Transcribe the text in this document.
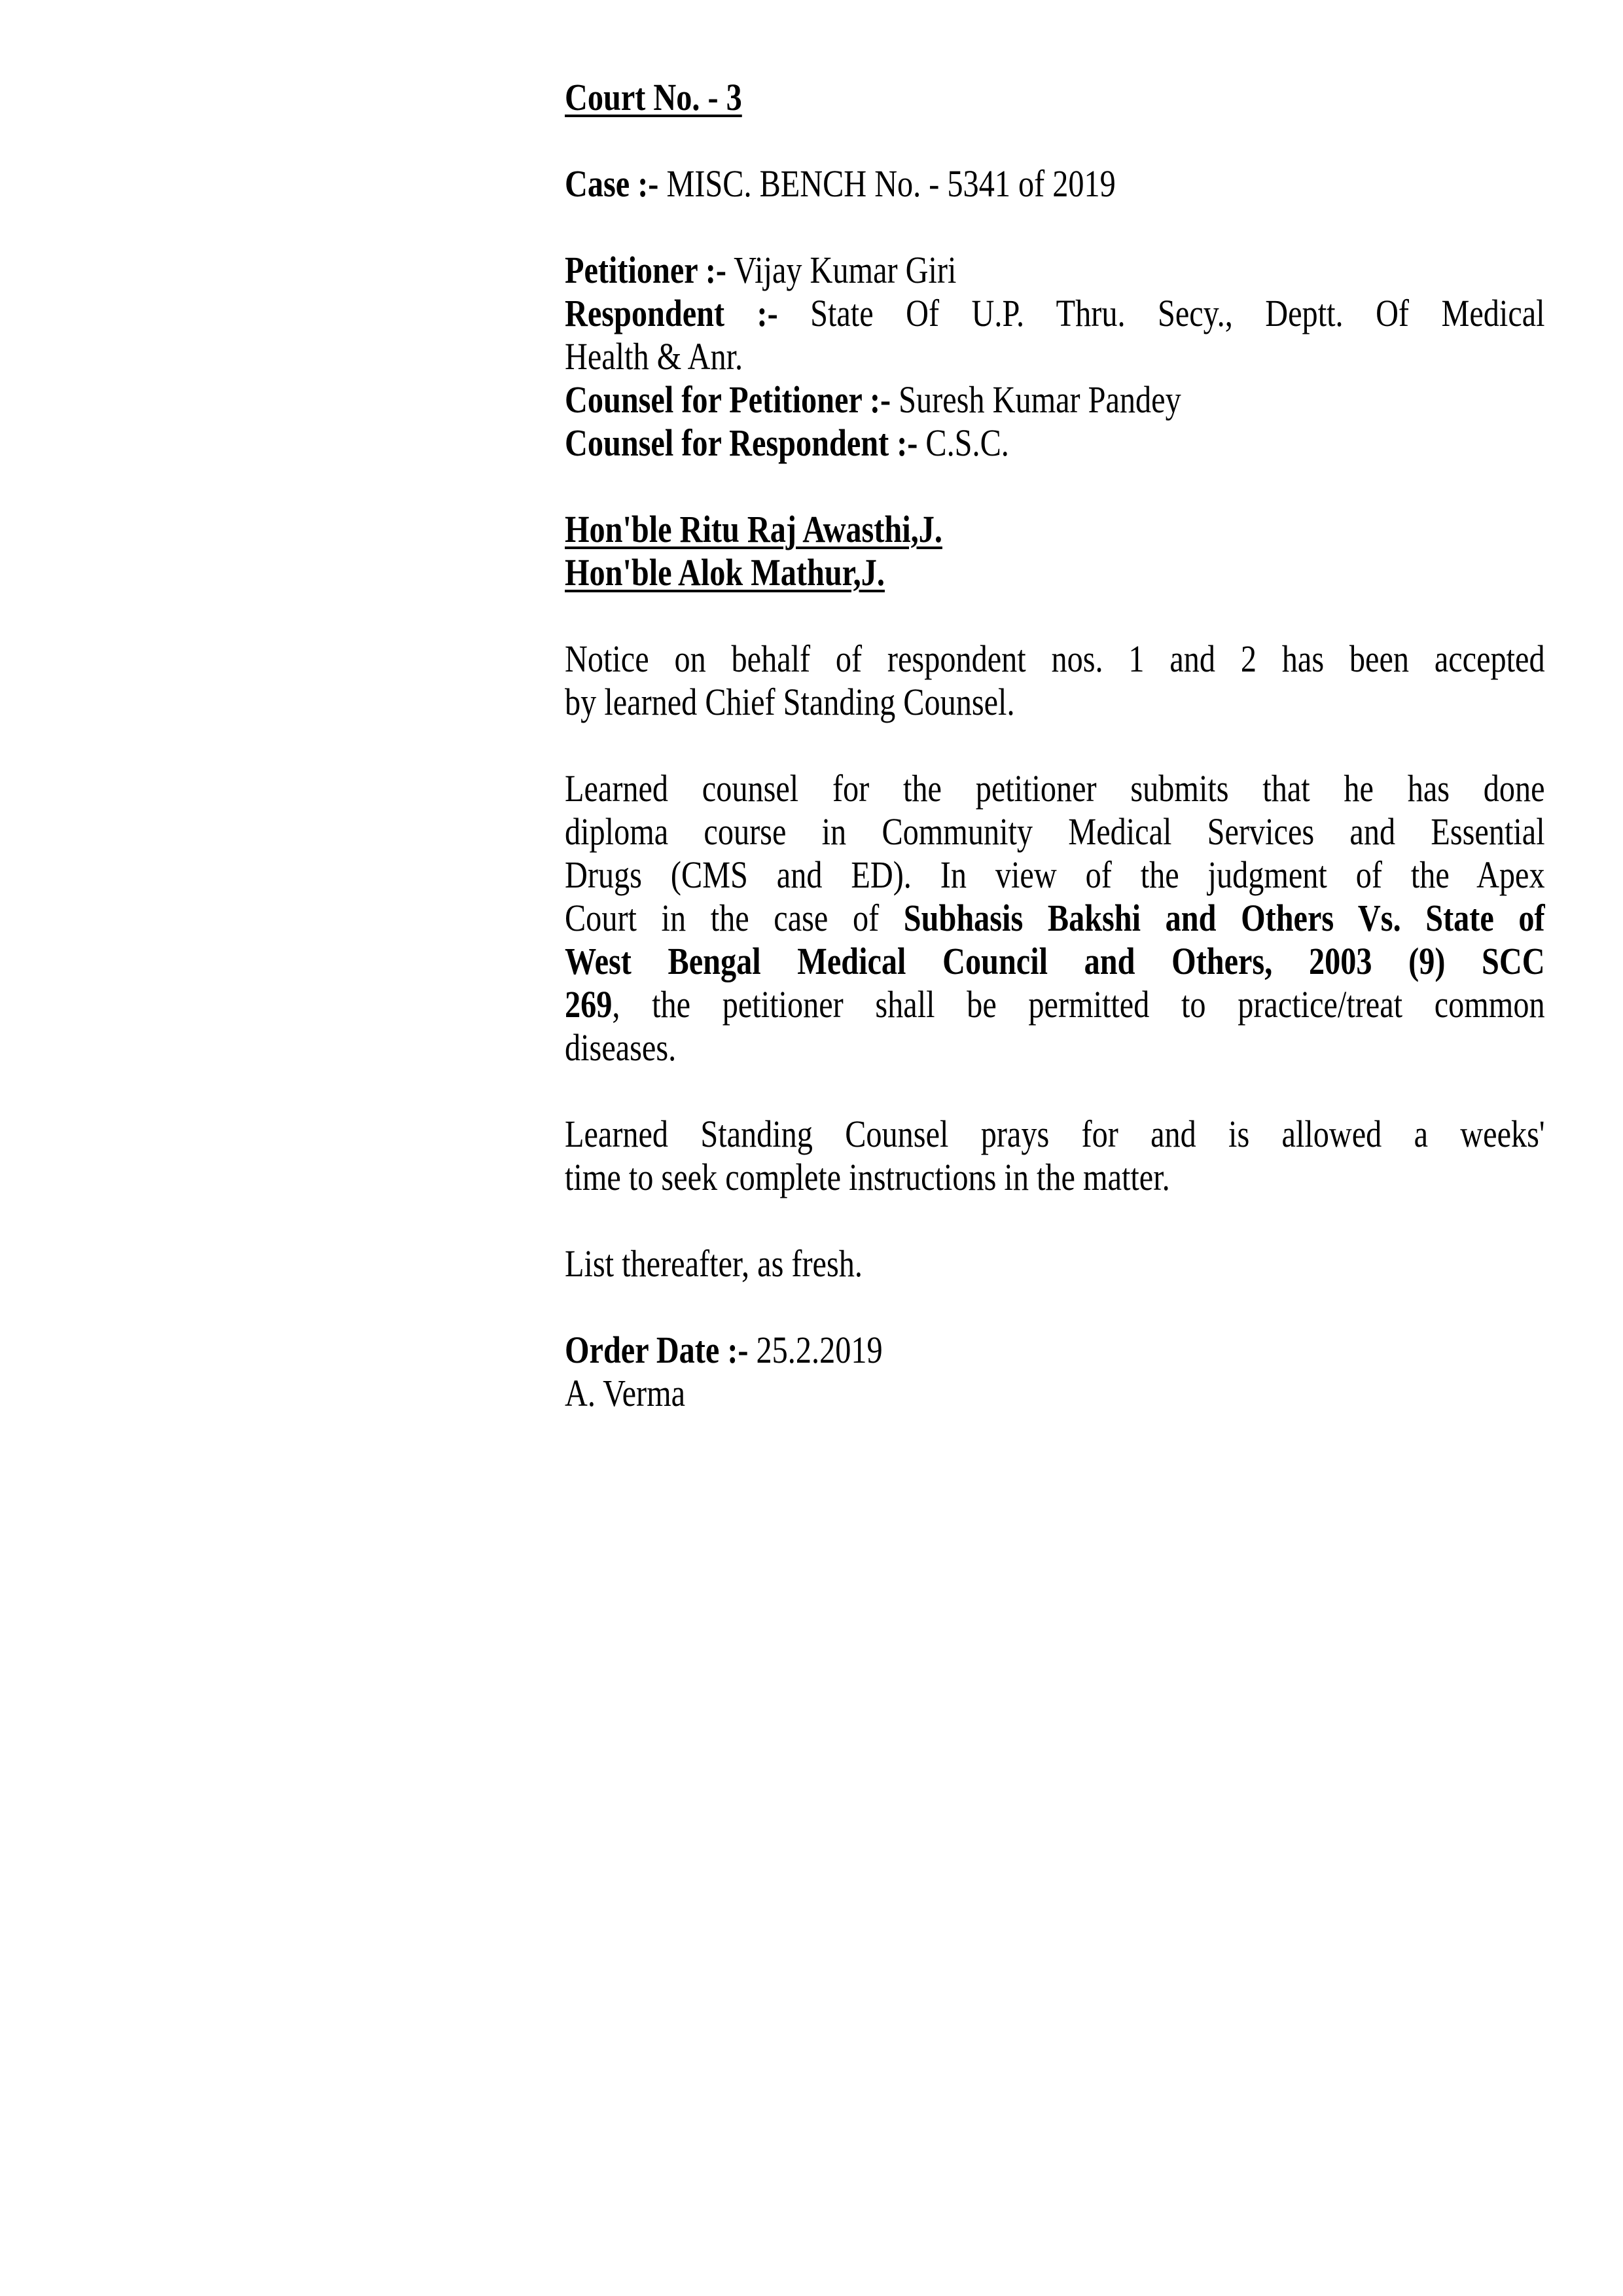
Court No. - 3
Case :- MISC. BENCH No. - 5341 of 2019
Petitioner :- Vijay Kumar Giri
Respondent :- State Of U.P. Thru. Secy., Deptt. Of Medical
Health & Anr.
Counsel for Petitioner :- Suresh Kumar Pandey
Counsel for Respondent :- C.S.C.
Hon'ble Ritu Raj Awasthi,J.
Hon'ble Alok Mathur,J.
Notice on behalf of respondent nos. 1 and 2 has been accepted
by learned Chief Standing Counsel.
Learned counsel for the petitioner submits that he has done
diploma course in Community Medical Services and Essential
Drugs (CMS and ED). In view of the judgment of the Apex
Court in the case of Subhasis Bakshi and Others Vs. State of
West Bengal Medical Council and Others, 2003 (9) SCC
269, the petitioner shall be permitted to practice/treat common
diseases.
Learned Standing Counsel prays for and is allowed a weeks'
time to seek complete instructions in the matter.
List thereafter, as fresh.
Order Date :- 25.2.2019
A. Verma
